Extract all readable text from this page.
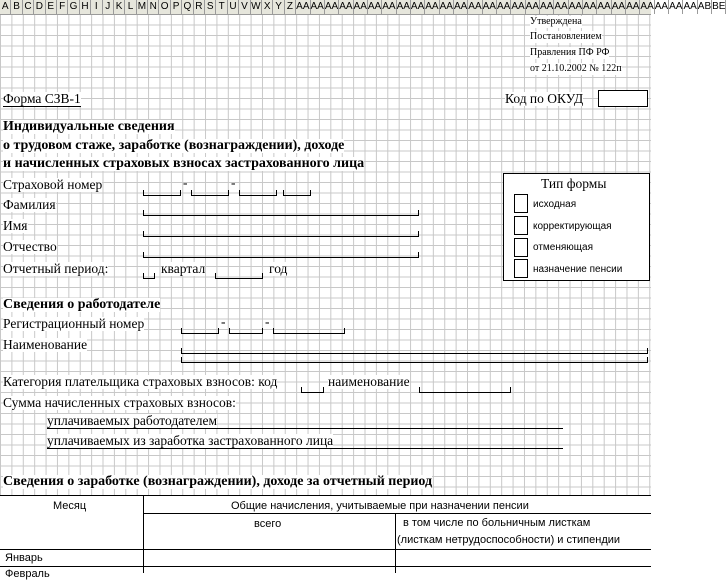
A B C D E F G H I J K L M N O P Q R S T U V W X Y Z AA AA AA AA AA AA AA AA AA AA AA AA AA AA AA AA AA AA AA AA AA AA AA AA AA AA AA AA AB BE
Утверждена
Постановлением
Правления ПФ РФ
от 21.10.2002 № 122п
Форма СЗВ-1	Код по ОКУД
Индивидуальные сведения
о трудовом стаже, заработке (вознаграждении), доходе
и начисленных страховых взносах застрахованного лица
Страховой номер	-	-
Фамилия
Имя
Отчество
Отчетный период:	квартал	год
Тип формы
исходная
корректирующая
отменяющая
назначение пенсии
Сведения о работодателе
Регистрационный номер	-	-
Наименование
Категория плательщика страховых взносов: код	наименование
Сумма начисленных страховых взносов:
уплачиваемых работодателем
уплачиваемых из заработка застрахованного лица
Сведения о заработке (вознаграждении), доходе за отчетный период
Месяц	Общие начисления, учитываемые при назначении пенсии
всего	в том числе по больничным листкам
(листкам нетрудоспособности) и стипендии
Январь
Февраль
